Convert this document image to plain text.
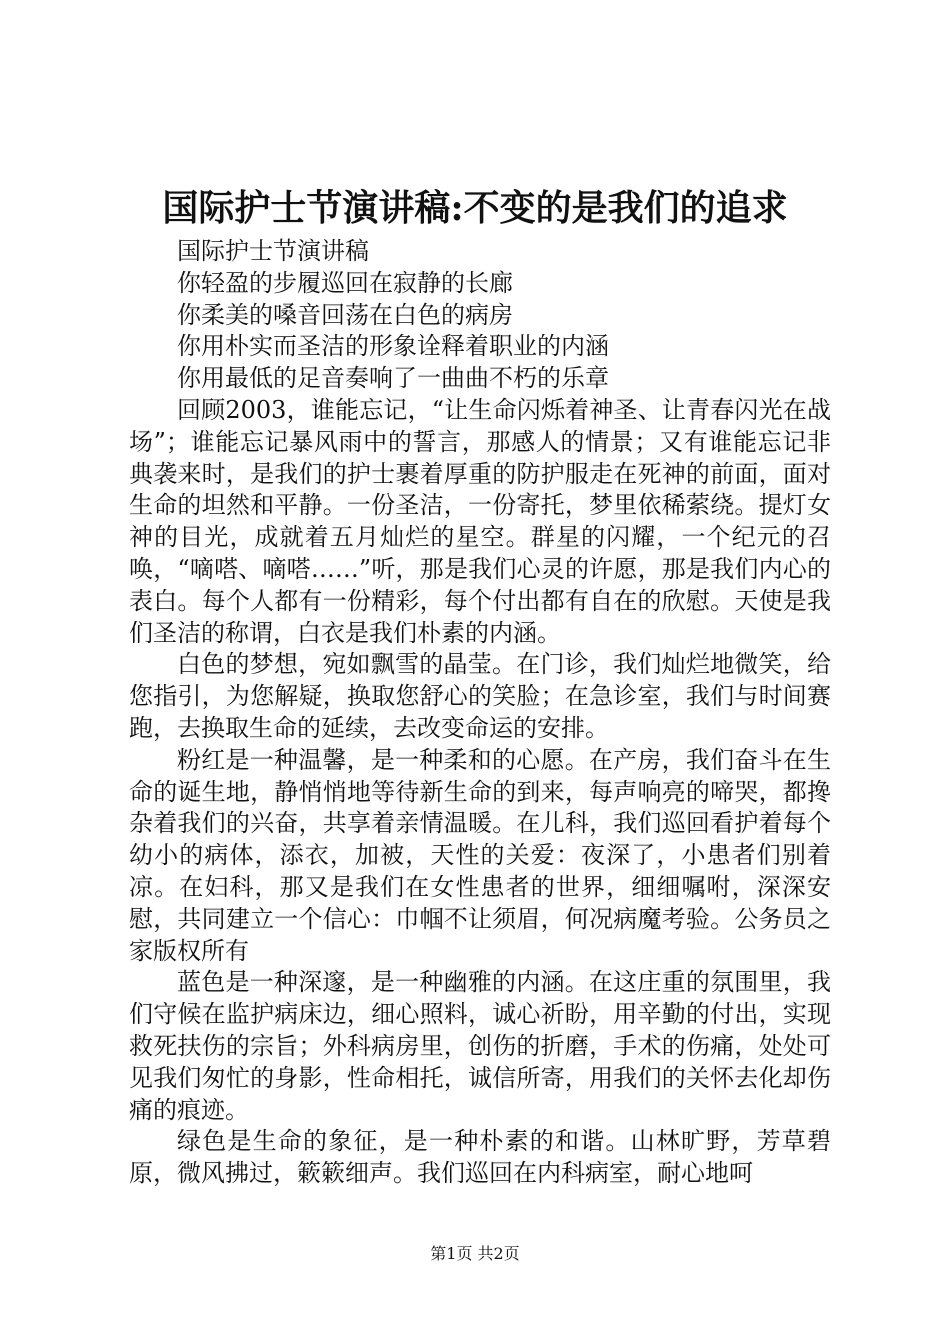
国际护士节演讲稿:不变的是我们的追求

国际护士节演讲稿

你轻盈的步履巡回在寂静的长廊

你柔美的嗓音回荡在白色的病房

你用朴实而圣洁的形象诠释着职业的内涵

你用最低的足音奏响了一曲曲不朽的乐章

回顾2003，谁能忘记，“让生命闪烁着神圣、让青春闪光在战场”；谁能忘记暴风雨中的誓言，那感人的情景；又有谁能忘记非典袭来时，是我们的护士裹着厚重的防护服走在死神的前面，面对生命的坦然和平静。一份圣洁，一份寄托，梦里依稀萦绕。提灯女神的目光，成就着五月灿烂的星空。群星的闪耀，一个纪元的召唤，“嘀嗒、嘀嗒……”听，那是我们心灵的许愿，那是我们内心的表白。每个人都有一份精彩，每个付出都有自在的欣慰。天使是我们圣洁的称谓，白衣是我们朴素的内涵。

白色的梦想，宛如飘雪的晶莹。在门诊，我们灿烂地微笑，给您指引，为您解疑，换取您舒心的笑脸；在急诊室，我们与时间赛跑，去换取生命的延续，去改变命运的安排。

粉红是一种温馨，是一种柔和的心愿。在产房，我们奋斗在生命的诞生地，静悄悄地等待新生命的到来，每声响亮的啼哭，都搀杂着我们的兴奋，共享着亲情温暖。在儿科，我们巡回看护着每个幼小的病体，添衣，加被，天性的关爱：夜深了，小患者们别着凉。在妇科，那又是我们在女性患者的世界，细细嘱咐，深深安慰，共同建立一个信心：巾帼不让须眉，何况病魔考验。公务员之家版权所有

蓝色是一种深邃，是一种幽雅的内涵。在这庄重的氛围里，我们守候在监护病床边，细心照料，诚心祈盼，用辛勤的付出，实现救死扶伤的宗旨；外科病房里，创伤的折磨，手术的伤痛，处处可见我们匆忙的身影，性命相托，诚信所寄，用我们的关怀去化却伤痛的痕迹。

绿色是生命的象征，是一种朴素的和谐。山林旷野，芳草碧原，微风拂过，簌簌细声。我们巡回在内科病室，耐心地呵

第1页 共2页
